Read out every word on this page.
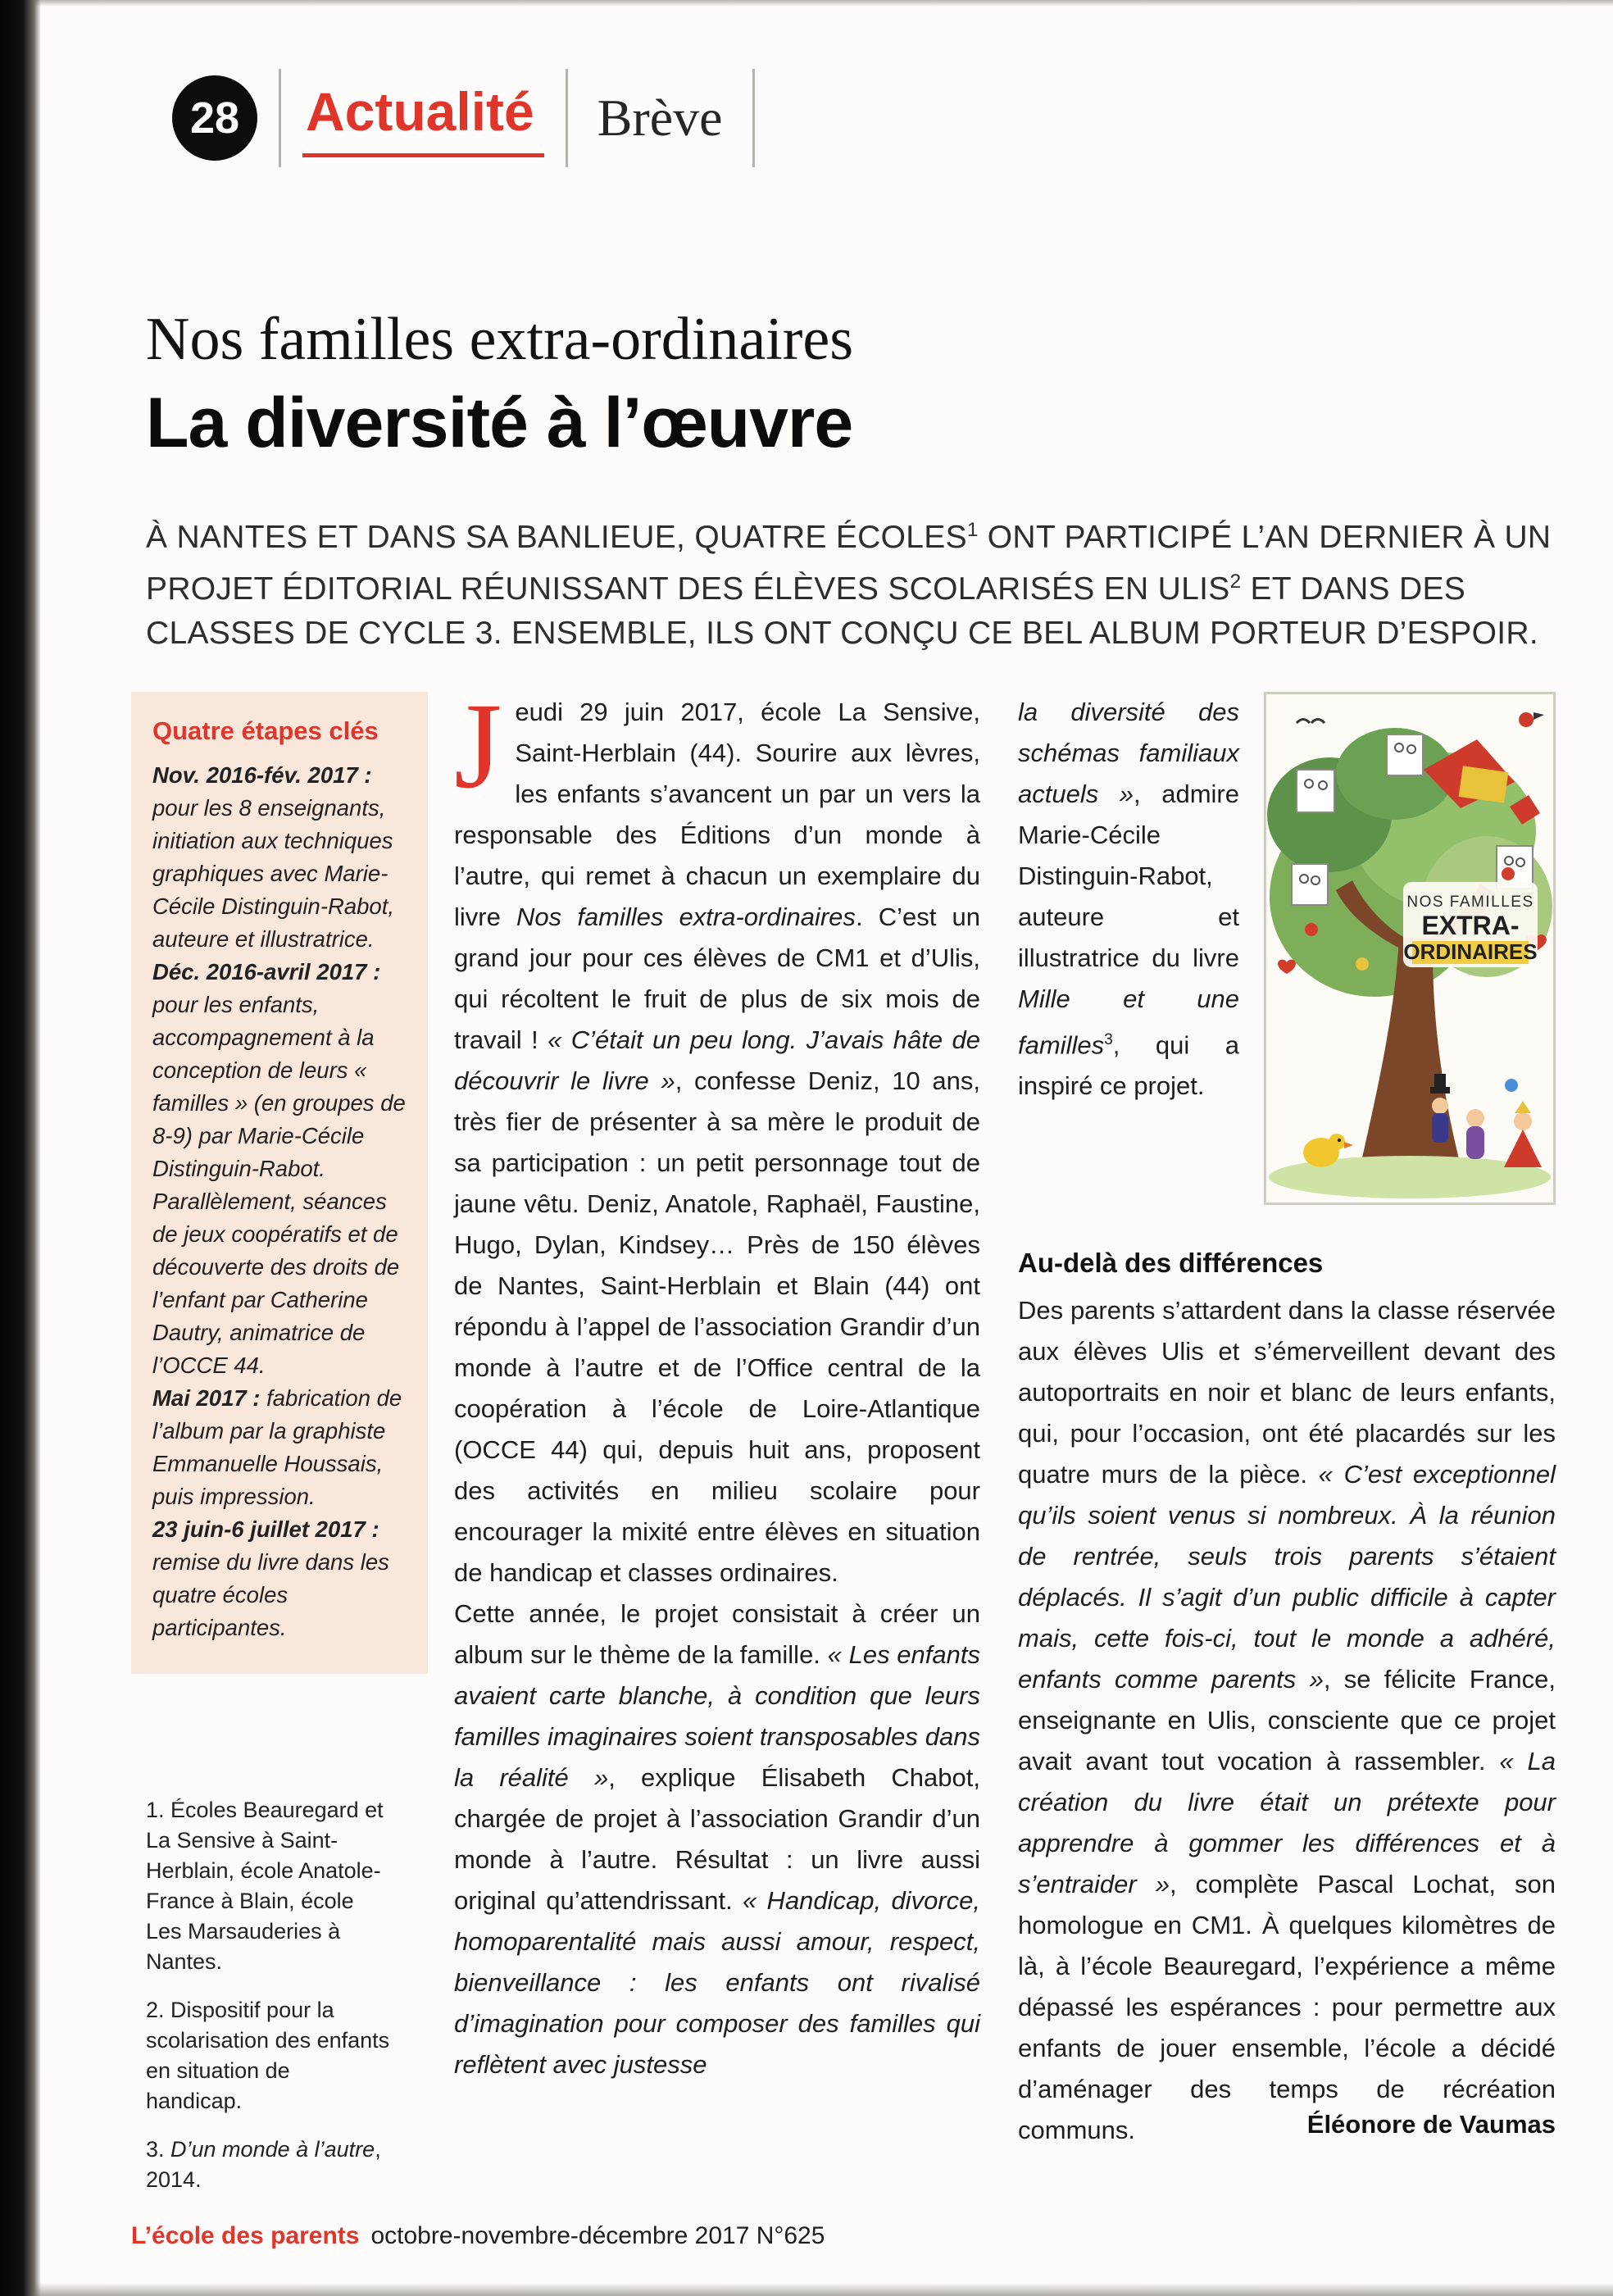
28	Actualité Brève
Nos familles extra-ordinaires
La diversité à l’œuvre

À NANTES ET DANS SA BANLIEUE, QUATRE ÉCOLES$^1$ ONT PARTICIPÉ L’AN DERNIER À UN PROJET ÉDITORIAL RÉUNISSANT DES ÉLÈVES SCOLARISÉS EN ULIS$^2$ ET DANS DES CLASSES DE CYCLE 3. ENSEMBLE, ILS ONT CONÇU CE BEL ALBUM PORTEUR D’ESPOIR.

Quatre étapes clés

Nov. 2016-fév. 2017 : pour les 8 enseignants, initiation aux techniques graphiques avec Marie-Cécile Distinguin-Rabot, auteure et illustratrice.

Déc. 2016-avril 2017 : pour les enfants, accompagnement à la conception de leurs « familles » (en groupes de 8-9) par Marie-Cécile Distinguin-Rabot. Parallèlement, séances de jeux coopératifs et de découverte des droits de l’enfant par Catherine Dautry, animatrice de l’OCCE 44.

Mai 2017 : fabrication de l’album par la graphiste Emmanuelle Houssais, puis impression.

23 juin-6 juillet 2017 : remise du livre dans les quatre écoles participantes.

1. Écoles Beauregard et La Sensive à Saint-Herblain, école Anatole-France à Blain, école Les Marsauderies à Nantes.

2. Dispositif pour la scolarisation des enfants en situation de handicap.

3. D’un monde à l’autre, 2014.

Jeudi 29 juin 2017, école La Sensive, Saint-Herblain (44). Sourire aux lèvres, les enfants s’avancent un par un vers la responsable des Éditions d’un monde à l’autre, qui remet à chacun un exemplaire du livre Nos familles extra-ordinaires. C’est un grand jour pour ces élèves de CM1 et d’Ulis, qui récoltent le fruit de plus de six mois de travail ! « C’était un peu long. J’avais hâte de découvrir le livre », confesse Deniz, 10 ans, très fier de présenter à sa mère le produit de sa participation : un petit personnage tout de jaune vêtu. Deniz, Anatole, Raphaël, Faustine, Hugo, Dylan, Kindsey… Près de 150 élèves de Nantes, Saint-Herblain et Blain (44) ont répondu à l’appel de l’association Grandir d’un monde à l’autre et de l’Office central de la coopération à l’école de Loire-Atlantique (OCCE 44) qui, depuis huit ans, proposent des activités en milieu scolaire pour encourager la mixité entre élèves en situation de handicap et classes ordinaires.

Cette année, le projet consistait à créer un album sur le thème de la famille. « Les enfants avaient carte blanche, à condition que leurs familles imaginaires soient transposables dans la réalité », explique Élisabeth Chabot, chargée de projet à l’association Grandir d’un monde à l’autre. Résultat : un livre aussi original qu’attendrissant. « Handicap, divorce, homoparentalité mais aussi amour, respect, bienveillance : les enfants ont rivalisé d’imagination pour composer des familles qui reflètent avec justesse

NOS FAMILLES
EXTRA-
ORDINAIRES

la diversité des schémas familiaux actuels », admire Marie-Cécile Distinguin-Rabot, auteure et illustratrice du livre Mille et une familles$^3$, qui a inspiré ce projet.

Au-delà des différences

Des parents s’attardent dans la classe réservée aux élèves Ulis et s’émerveillent devant des autoportraits en noir et blanc de leurs enfants, qui, pour l’occasion, ont été placardés sur les quatre murs de la pièce. « C’est exceptionnel qu’ils soient venus si nombreux. À la réunion de rentrée, seuls trois parents s’étaient déplacés. Il s’agit d’un public difficile à capter mais, cette fois-ci, tout le monde a adhéré, enfants comme parents », se félicite France, enseignante en Ulis, consciente que ce projet avait avant tout vocation à rassembler. « La création du livre était un prétexte pour apprendre à gommer les différences et à s’entraider », complète Pascal Lochat, son homologue en CM1. À quelques kilomètres de là, à l’école Beauregard, l’expérience a même dépassé les espérances : pour permettre aux enfants de jouer ensemble, l’école a décidé d’aménager des temps de récréation communs.	Éléonore de Vaumas
L’école des parents octobre-novembre-décembre 2017 N°625
